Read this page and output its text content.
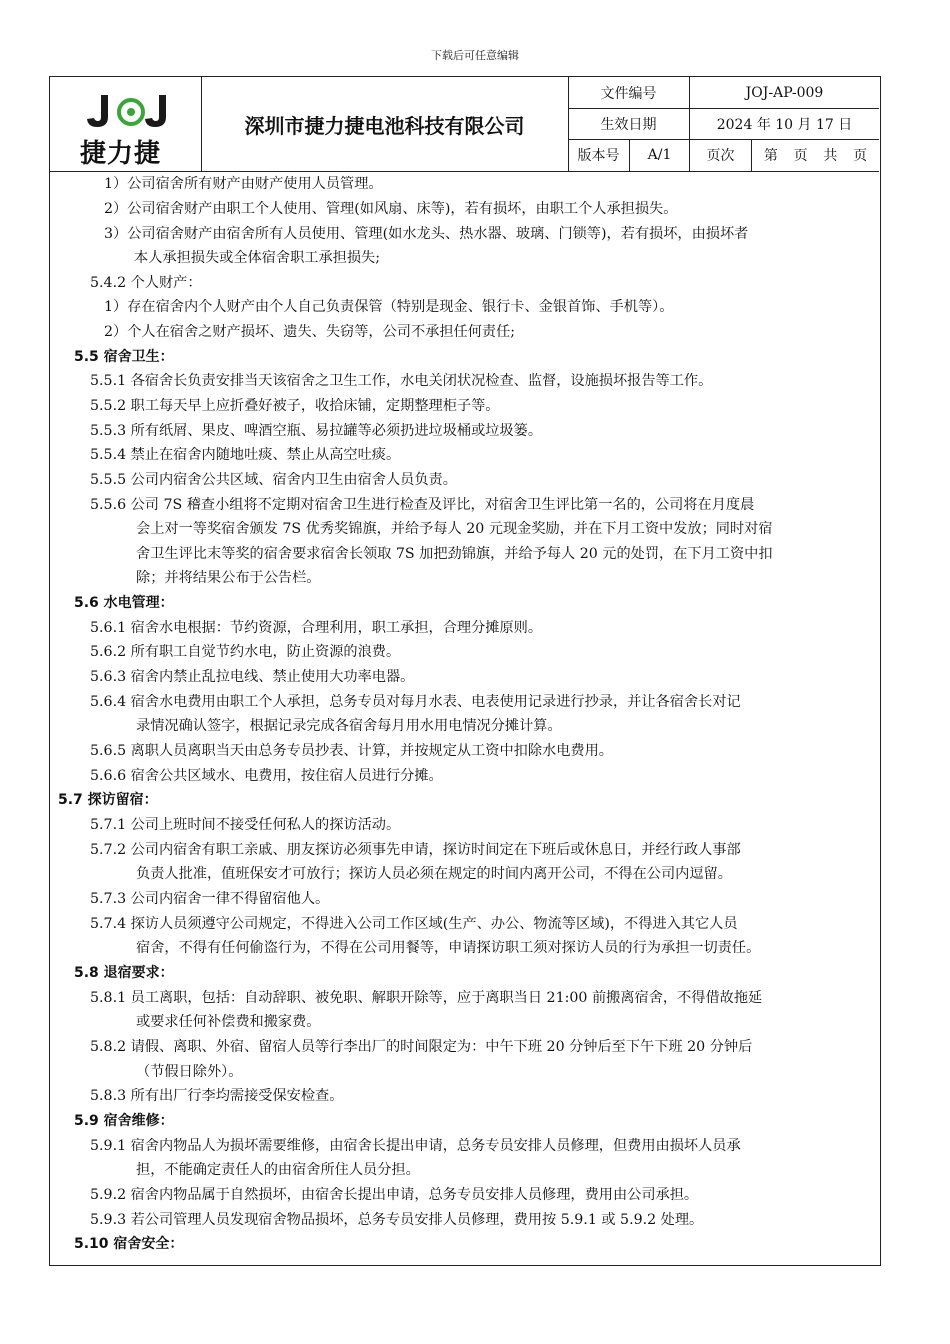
下载后可任意编辑
捷力捷
深圳市捷力捷电池科技有限公司
文件编号	JOJ-AP-009
生效日期	2024 年 10 月 17 日
版本号	A/1	页次	第 页 共 页
1）公司宿舍所有财产由财产使用人员管理。
2）公司宿舍财产由职工个人使用、管理(如风扇、床等)，若有损坏，由职工个人承担损失。
3）公司宿舍财产由宿舍所有人员使用、管理(如水龙头、热水器、玻璃、门锁等)，若有损坏，由损坏者
本人承担损失或全体宿舍职工承担损失;
5.4.2 个人财产：
1）存在宿舍内个人财产由个人自己负责保管（特别是现金、银行卡、金银首饰、手机等）。
2）个人在宿舍之财产损坏、遗失、失窃等，公司不承担任何责任;
5.5 宿舍卫生：
5.5.1 各宿舍长负责安排当天该宿舍之卫生工作，水电关闭状况检查、监督，设施损坏报告等工作。
5.5.2 职工每天早上应折叠好被子，收拾床铺，定期整理柜子等。
5.5.3 所有纸屑、果皮、啤酒空瓶、易拉罐等必须扔进垃圾桶或垃圾篓。
5.5.4 禁止在宿舍内随地吐痰、禁止从高空吐痰。
5.5.5 公司内宿舍公共区域、宿舍内卫生由宿舍人员负责。
5.5.6 公司 7S 稽查小组将不定期对宿舍卫生进行检查及评比，对宿舍卫生评比第一名的，公司将在月度晨
会上对一等奖宿舍颁发 7S 优秀奖锦旗，并给予每人 20 元现金奖励，并在下月工资中发放；同时对宿
舍卫生评比末等奖的宿舍要求宿舍长领取 7S 加把劲锦旗，并给予每人 20 元的处罚，在下月工资中扣
除；并将结果公布于公告栏。
5.6 水电管理：
5.6.1 宿舍水电根据：节约资源，合理利用，职工承担，合理分摊原则。
5.6.2 所有职工自觉节约水电，防止资源的浪费。
5.6.3 宿舍内禁止乱拉电线、禁止使用大功率电器。
5.6.4 宿舍水电费用由职工个人承担，总务专员对每月水表、电表使用记录进行抄录，并让各宿舍长对记
录情况确认签字，根据记录完成各宿舍每月用水用电情况分摊计算。
5.6.5 离职人员离职当天由总务专员抄表、计算，并按规定从工资中扣除水电费用。
5.6.6 宿舍公共区域水、电费用，按住宿人员进行分摊。
5.7 探访留宿：
5.7.1 公司上班时间不接受任何私人的探访活动。
5.7.2 公司内宿舍有职工亲戚、朋友探访必须事先申请，探访时间定在下班后或休息日，并经行政人事部
负责人批准，值班保安才可放行；探访人员必须在规定的时间内离开公司，不得在公司内逗留。
5.7.3 公司内宿舍一律不得留宿他人。
5.7.4 探访人员须遵守公司规定，不得进入公司工作区域(生产、办公、物流等区域)，不得进入其它人员
宿舍，不得有任何偷盗行为，不得在公司用餐等，申请探访职工须对探访人员的行为承担一切责任。
5.8 退宿要求：
5.8.1 员工离职，包括：自动辞职、被免职、解职开除等，应于离职当日 21:00 前搬离宿舍，不得借故拖延
或要求任何补偿费和搬家费。
5.8.2 请假、离职、外宿、留宿人员等行李出厂的时间限定为：中午下班 20 分钟后至下午下班 20 分钟后
（节假日除外）。
5.8.3 所有出厂行李均需接受保安检查。
5.9 宿舍维修：
5.9.1 宿舍内物品人为损坏需要维修，由宿舍长提出申请，总务专员安排人员修理，但费用由损坏人员承
担，不能确定责任人的由宿舍所住人员分担。
5.9.2 宿舍内物品属于自然损坏，由宿舍长提出申请，总务专员安排人员修理，费用由公司承担。
5.9.3 若公司管理人员发现宿舍物品损坏，总务专员安排人员修理，费用按 5.9.1 或 5.9.2 处理。
5.10 宿舍安全：
